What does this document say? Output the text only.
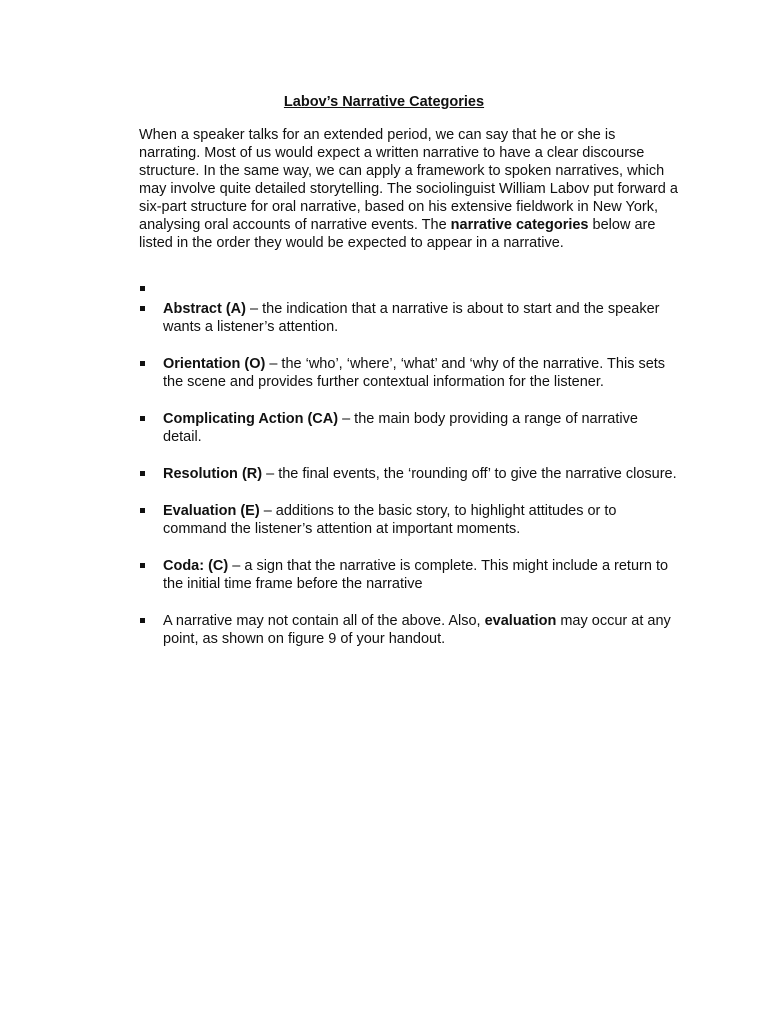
Labov’s Narrative Categories

When a speaker talks for an extended period, we can say that he or she is narrating. Most of us would expect a written narrative to have a clear discourse structure. In the same way, we can apply a framework to spoken narratives, which may involve quite detailed storytelling. The sociolinguist William Labov put forward a six-part structure for oral narrative, based on his extensive fieldwork in New York, analysing oral accounts of narrative events. The narrative categories below are listed in the order they would be expected to appear in a narrative.

Abstract (A) – the indication that a narrative is about to start and the speaker wants a listener’s attention.
Orientation (O) – the ‘who’, ‘where’, ‘what’ and ‘why of the narrative. This sets the scene and provides further contextual information for the listener.
Complicating Action (CA) – the main body providing a range of narrative detail.
Resolution (R) – the final events, the ‘rounding off’ to give the narrative closure.
Evaluation (E) – additions to the basic story, to highlight attitudes or to command the listener’s attention at important moments.
Coda: (C) – a sign that the narrative is complete. This might include a return to the initial time frame before the narrative
A narrative may not contain all of the above. Also, evaluation may occur at any point, as shown on figure 9 of your handout.
